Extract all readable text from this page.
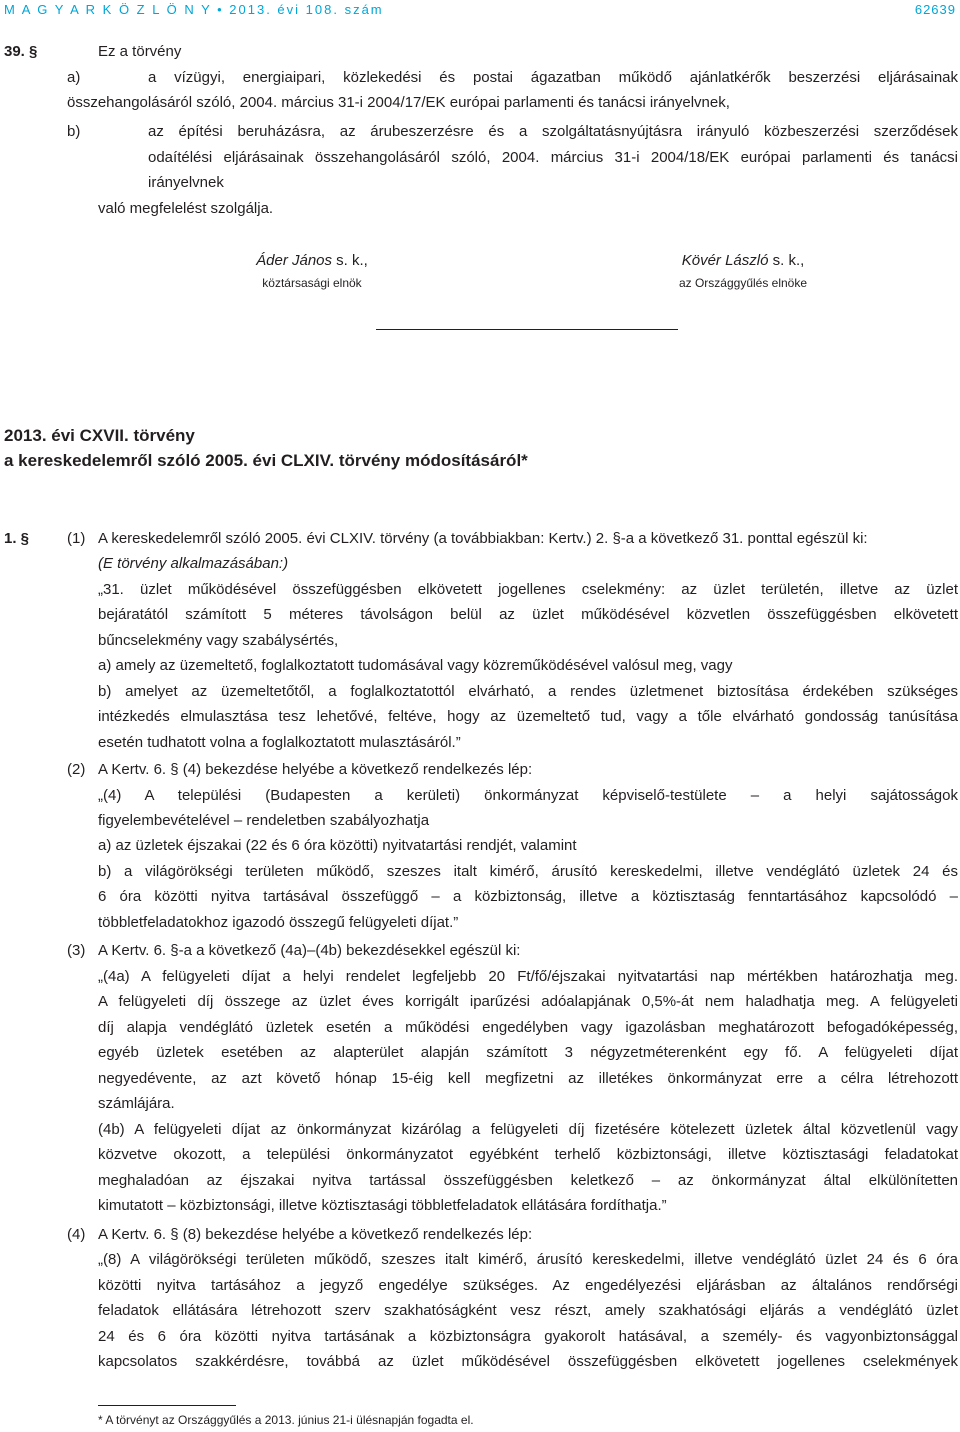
M A G Y A R K Ö Z L Ö N Y • 2013. évi 108. szám	62639
39. §	Ez a törvény
a)	a vízügyi, energiaipari, közlekedési és postai ágazatban működő ajánlatkérők beszerzési eljárásainak
összehangolásáról szóló, 2004. március 31-i 2004/17/EK európai parlamenti és tanácsi irányelvnek,
b)	az építési beruházásra, az árubeszerzésre és a szolgáltatásnyújtásra irányuló közbeszerzési szerződések
odaítélési eljárásainak összehangolásáról szóló, 2004. március 31-i 2004/18/EK európai parlamenti és tanácsi
irányelvnek
való megfelelést szolgálja.
Áder János s. k.,
köztársasági elnök
Kövér László s. k.,
az Országgyűlés elnöke
2013. évi CXVII. törvény
a kereskedelemről szóló 2005. évi CLXIV. törvény módosításáról*
1. §	(1) A kereskedelemről szóló 2005. évi CLXIV. törvény (a továbbiakban: Kertv.) 2. §-a a következő 31. ponttal egészül ki:
(E törvény alkalmazásában:)
„31. üzlet működésével összefüggésben elkövetett jogellenes cselekmény: az üzlet területén, illetve az üzlet
bejáratától számított 5 méteres távolságon belül az üzlet működésével közvetlen összefüggésben elkövetett
bűncselekmény vagy szabálysértés,
a) amely az üzemeltető, foglalkoztatott tudomásával vagy közreműködésével valósul meg, vagy
b) amelyet az üzemeltetőtől, a foglalkoztatottól elvárható, a rendes üzletmenet biztosítása érdekében szükséges
intézkedés elmulasztása tesz lehetővé, feltéve, hogy az üzemeltető tud, vagy a tőle elvárható gondosság tanúsítása
esetén tudhatott volna a foglalkoztatott mulasztásáról.”
(2) A Kertv. 6. § (4) bekezdése helyébe a következő rendelkezés lép:
„(4) A települési (Budapesten a kerületi) önkormányzat képviselő-testülete – a helyi sajátosságok
figyelembevételével – rendeletben szabályozhatja
a) az üzletek éjszakai (22 és 6 óra közötti) nyitvatartási rendjét, valamint
b) a világörökségi területen működő, szeszes italt kimérő, árusító kereskedelmi, illetve vendéglátó üzletek 24 és
6 óra közötti nyitva tartásával összefüggő – a közbiztonság, illetve a köztisztaság fenntartásához kapcsolódó –
többletfeladatokhoz igazodó összegű felügyeleti díjat.”
(3) A Kertv. 6. §-a a következő (4a)–(4b) bekezdésekkel egészül ki:
„(4a) A felügyeleti díjat a helyi rendelet legfeljebb 20 Ft/fő/éjszakai nyitvatartási nap mértékben határozhatja meg.
A felügyeleti díj összege az üzlet éves korrigált iparűzési adóalapjának 0,5%-át nem haladhatja meg. A felügyeleti
díj alapja vendéglátó üzletek esetén a működési engedélyben vagy igazolásban meghatározott befogadóképesség,
egyéb üzletek esetében az alapterület alapján számított 3 négyzetméterenként egy fő. A felügyeleti díjat
negyedévente, az azt követő hónap 15-éig kell megfizetni az illetékes önkormányzat erre a célra létrehozott
számlájára.
(4b) A felügyeleti díjat az önkormányzat kizárólag a felügyeleti díj fizetésére kötelezett üzletek által közvetlenül vagy
közvetve okozott, a települési önkormányzatot egyébként terhelő közbiztonsági, illetve köztisztasági feladatokat
meghaladóan az éjszakai nyitva tartással összefüggésben keletkező – az önkormányzat által elkülönítetten
kimutatott – közbiztonsági, illetve köztisztasági többletfeladatok ellátására fordíthatja.”
(4) A Kertv. 6. § (8) bekezdése helyébe a következő rendelkezés lép:
„(8) A világörökségi területen működő, szeszes italt kimérő, árusító kereskedelmi, illetve vendéglátó üzlet 24 és 6 óra
közötti nyitva tartásához a jegyző engedélye szükséges. Az engedélyezési eljárásban az általános rendőrségi
feladatok ellátására létrehozott szerv szakhatóságként vesz részt, amely szakhatósági eljárás a vendéglátó üzlet
24 és 6 óra közötti nyitva tartásának a közbiztonságra gyakorolt hatásával, a személy- és vagyonbiztonsággal
kapcsolatos szakkérdésre, továbbá az üzlet működésével összefüggésben elkövetett jogellenes cselekmények
* A törvényt az Országgyűlés a 2013. június 21-i ülésnapján fogadta el.
